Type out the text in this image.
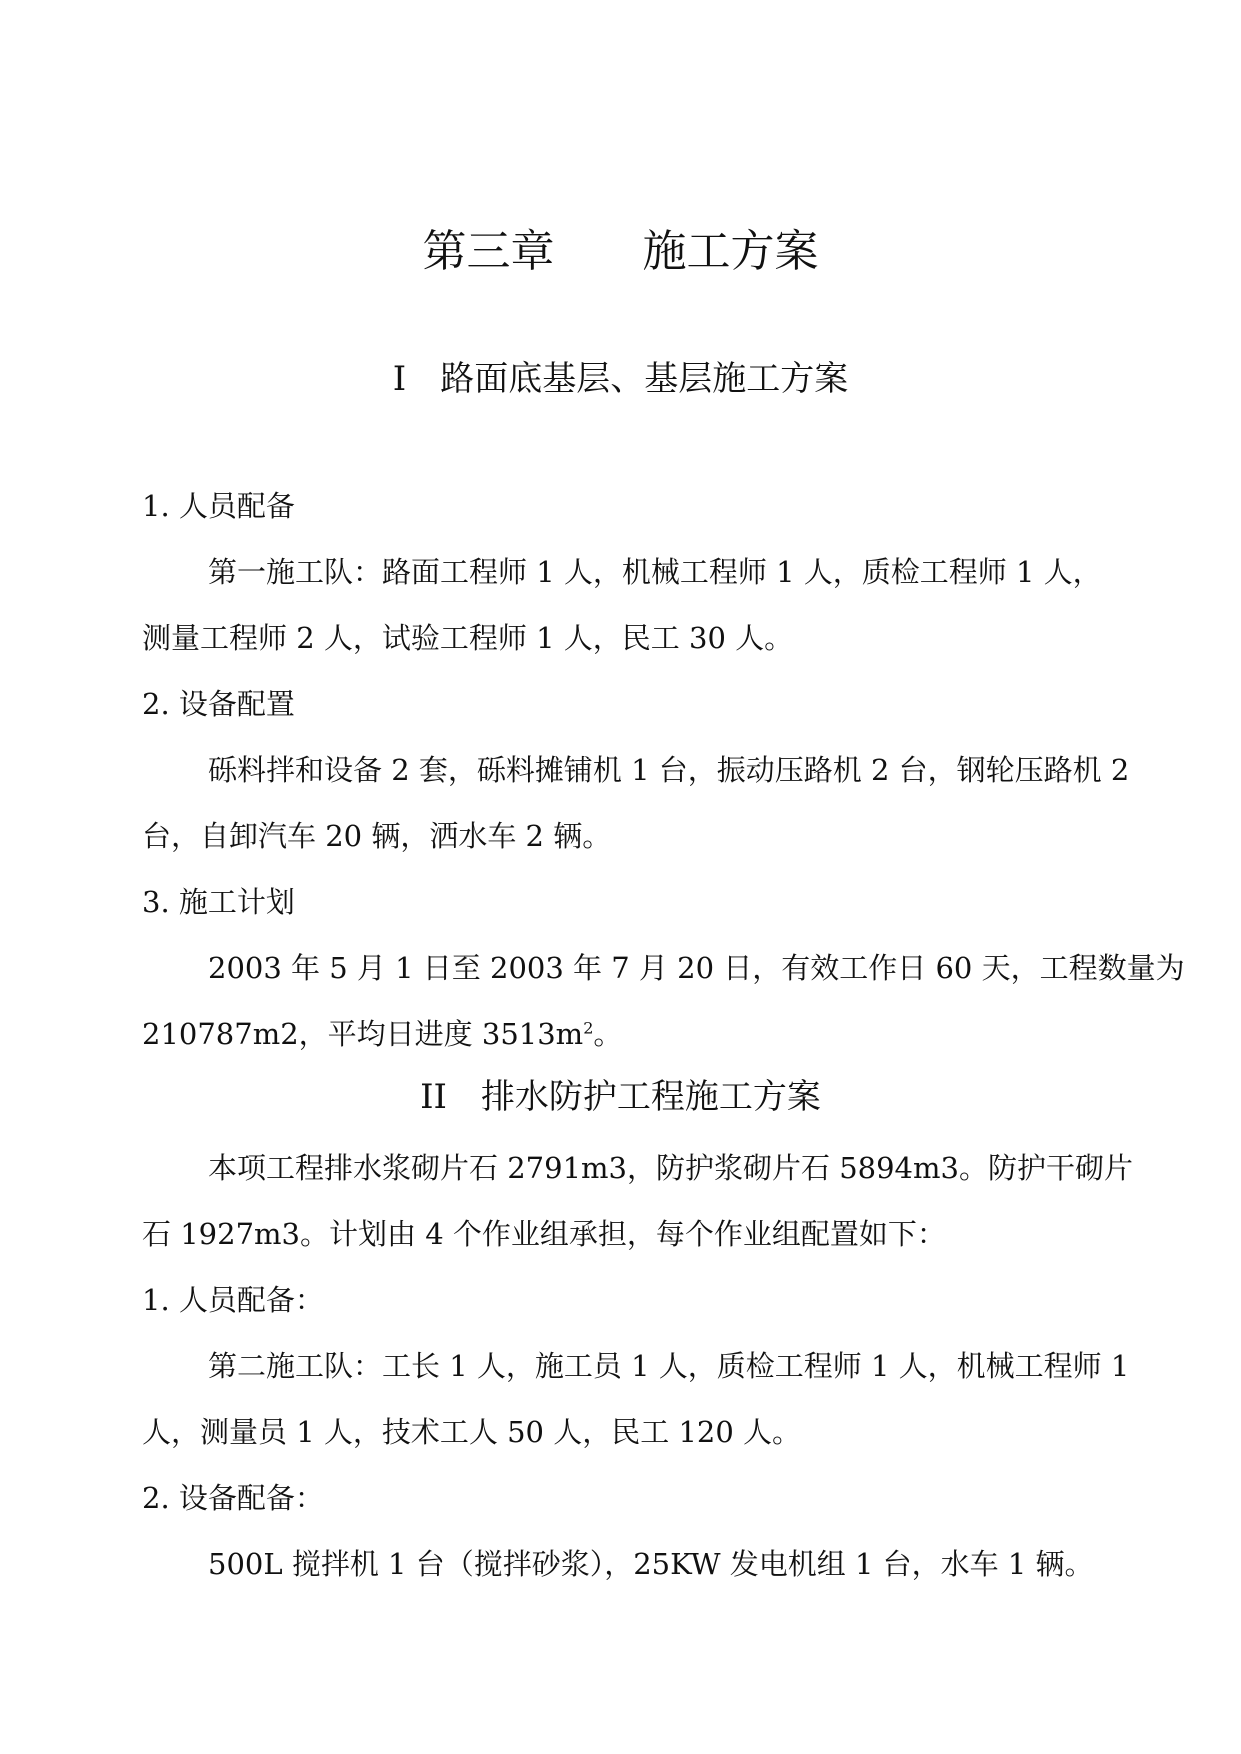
第三章 施工方案
I 路面底基层、基层施工方案
1. 人员配备
第一施工队：路面工程师 1 人，机械工程师 1 人，质检工程师 1 人，
测量工程师 2 人，试验工程师 1 人，民工 30 人。
2. 设备配置
砾料拌和设备 2 套，砾料摊铺机 1 台，振动压路机 2 台，钢轮压路机 2
台，自卸汽车 20 辆，洒水车 2 辆。
3. 施工计划
2003 年 5 月 1 日至 2003 年 7 月 20 日，有效工作日 60 天，工程数量为
210787m2，平均日进度 $3513m^2$。
II 排水防护工程施工方案
本项工程排水浆砌片石 2791m3，防护浆砌片石 5894m3。防护干砌片
石 1927m3。计划由 4 个作业组承担，每个作业组配置如下：
1. 人员配备：
第二施工队：工长 1 人，施工员 1 人，质检工程师 1 人，机械工程师 1
人，测量员 1 人，技术工人 50 人，民工 120 人。
2. 设备配备：
500L 搅拌机 1 台（搅拌砂浆），25KW 发电机组 1 台，水车 1 辆。
